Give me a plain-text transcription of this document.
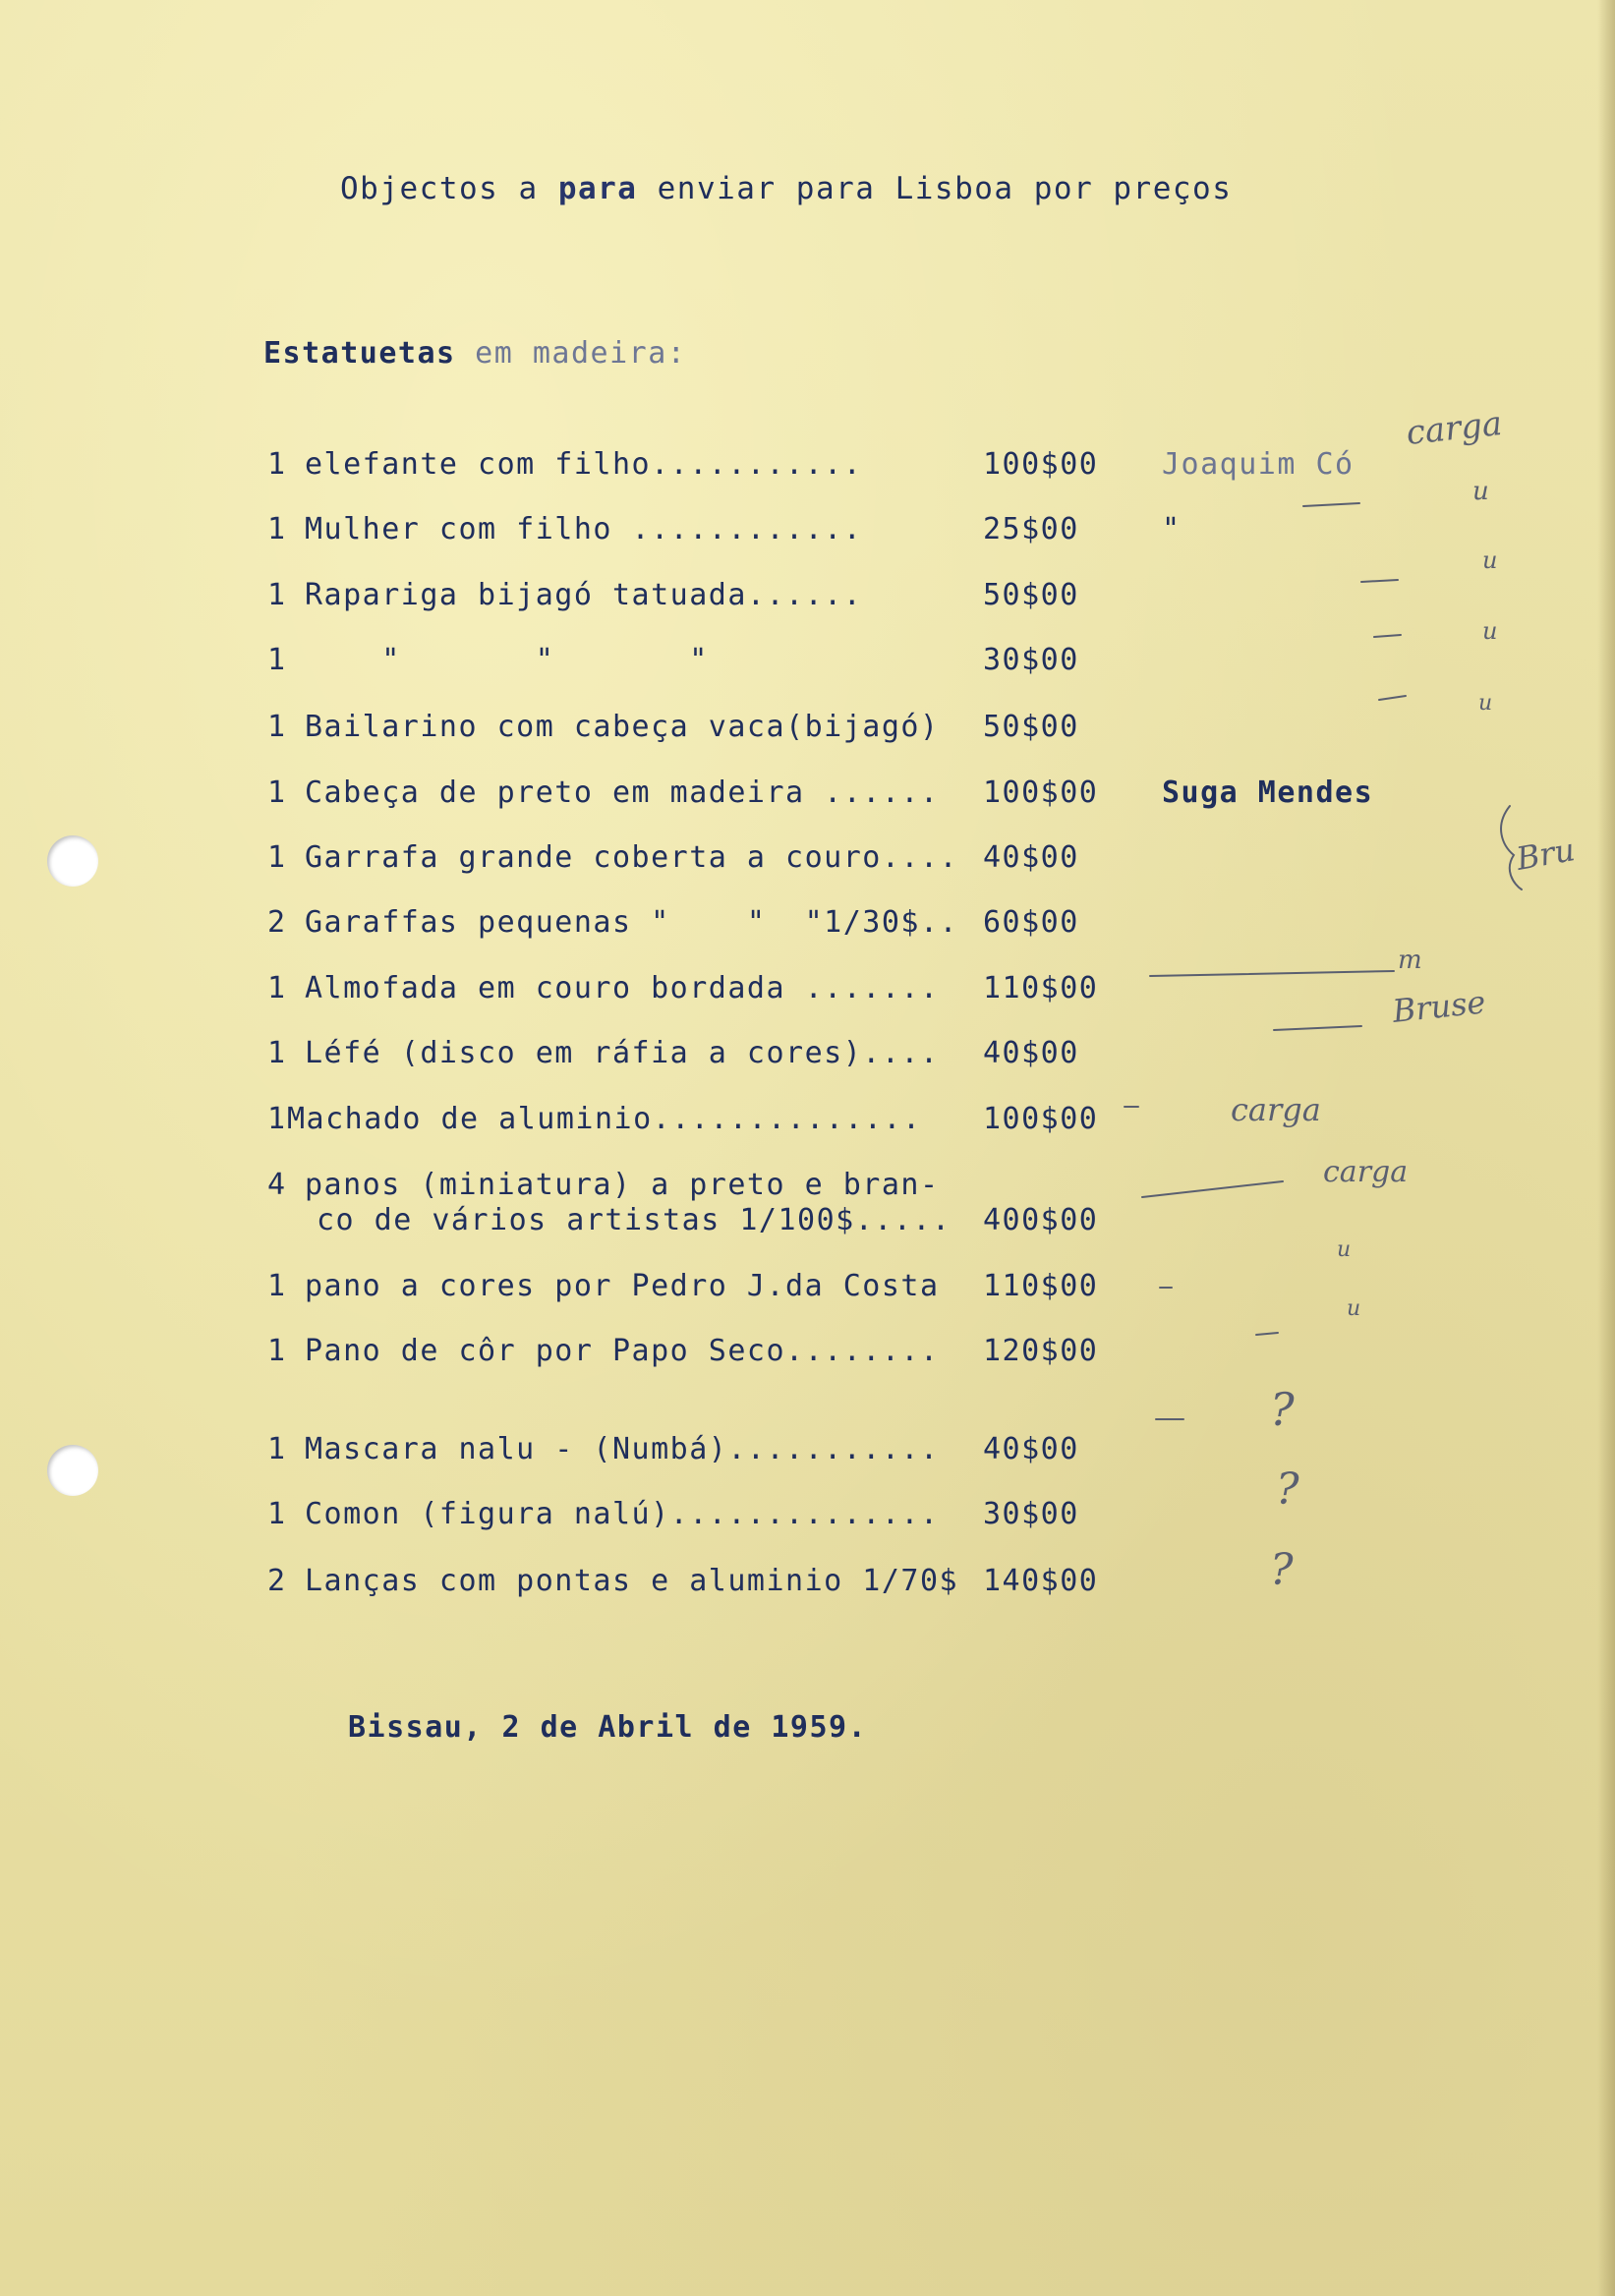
Objectos a para enviar para Lisboa por preços
Estatuetas em madeira:
1 elefante com filho...........	100$00 Joaquim Có
1 Mulher com filho ............	25$00	"
1 Rapariga bijagó tatuada......	50$00
1 "       "       "	30$00
1 Bailarino com cabeça vaca(bijagó) 50$00
1 Cabeça de preto em madeira ...... 100$00 Suga Mendes
1 Garrafa grande coberta a couro.... 40$00
2 Garaffas pequenas "    "  "1/30$.. 60$00
1 Almofada em couro bordada ....... 110$00
1 Léfé (disco em ráfia a cores).... 40$00
1 Machado de aluminio.............. 100$00
4 panos (miniatura) a preto e bran-
co de vários artistas 1/100$..... 400$00
1 pano a cores por Pedro J.da Costa 110$00
1 Pano de côr por Papo Seco........ 120$00
1 Mascara nalu - (Numbá)........... 40$00
1 Comon (figura nalú).............. 30$00
2 Lanças com pontas e aluminio 1/70$ 140$00
Bissau, 2 de Abril de 1959.
carga
u
u
u
u
Bru
m
Bruse
carga
carga
u
u
?
?
?
